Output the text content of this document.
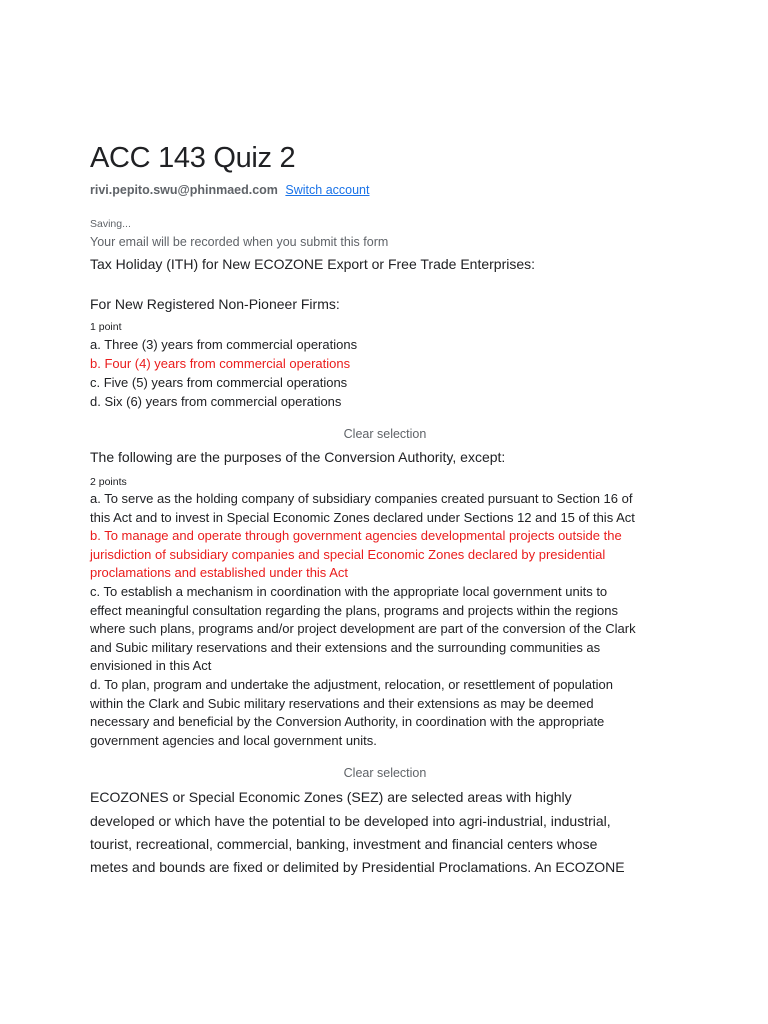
ACC 143 Quiz 2
rivi.pepito.swu@phinmaed.com Switch account
Saving...
Your email will be recorded when you submit this form
Tax Holiday (ITH) for New ECOZONE Export or Free Trade Enterprises:

For New Registered Non-Pioneer Firms:
1 point
a. Three (3) years from commercial operations
b. Four (4) years from commercial operations
c. Five (5) years from commercial operations
d. Six (6) years from commercial operations
Clear selection
The following are the purposes of the Conversion Authority, except:
2 points
a. To serve as the holding company of subsidiary companies created pursuant to Section 16 of
this Act and to invest in Special Economic Zones declared under Sections 12 and 15 of this Act
b. To manage and operate through government agencies developmental projects outside the
jurisdiction of subsidiary companies and special Economic Zones declared by presidential
proclamations and established under this Act
c. To establish a mechanism in coordination with the appropriate local government units to
effect meaningful consultation regarding the plans, programs and projects within the regions
where such plans, programs and/or project development are part of the conversion of the Clark
and Subic military reservations and their extensions and the surrounding communities as
envisioned in this Act
d. To plan, program and undertake the adjustment, relocation, or resettlement of population
within the Clark and Subic military reservations and their extensions as may be deemed
necessary and beneficial by the Conversion Authority, in coordination with the appropriate
government agencies and local government units.
Clear selection
ECOZONES or Special Economic Zones (SEZ) are selected areas with highly
developed or which have the potential to be developed into agri-industrial, industrial,
tourist, recreational, commercial, banking, investment and financial centers whose
metes and bounds are fixed or delimited by Presidential Proclamations. An ECOZONE
